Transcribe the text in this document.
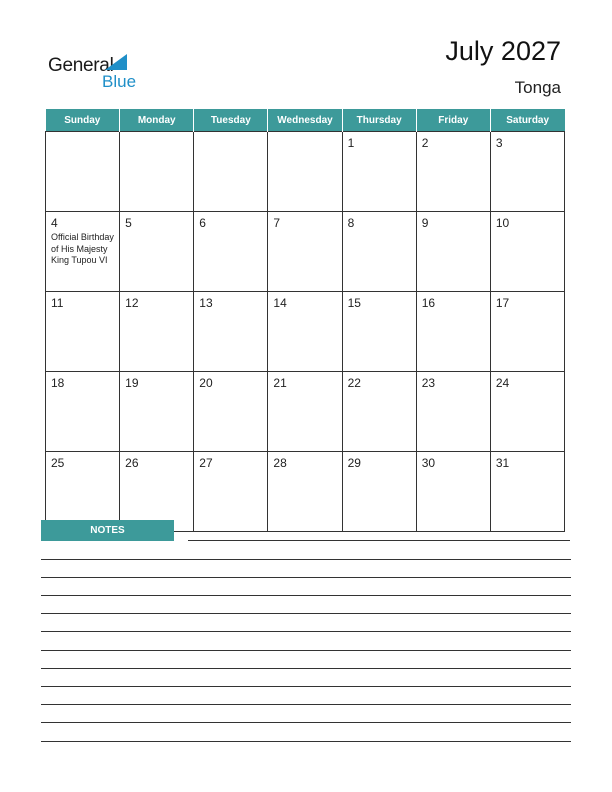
General
Blue
July 2027
Tonga
Sunday	Monday	Tuesday	Wednesday	Thursday	Friday	Saturday

				1	2	3

4
Official Birthday of His Majesty King Tupou VI	5	6	7	8	9	10

11	12	13	14	15	16	17

18	19	20	21	22	23	24

25	26	27	28	29	30	31
NOTES
